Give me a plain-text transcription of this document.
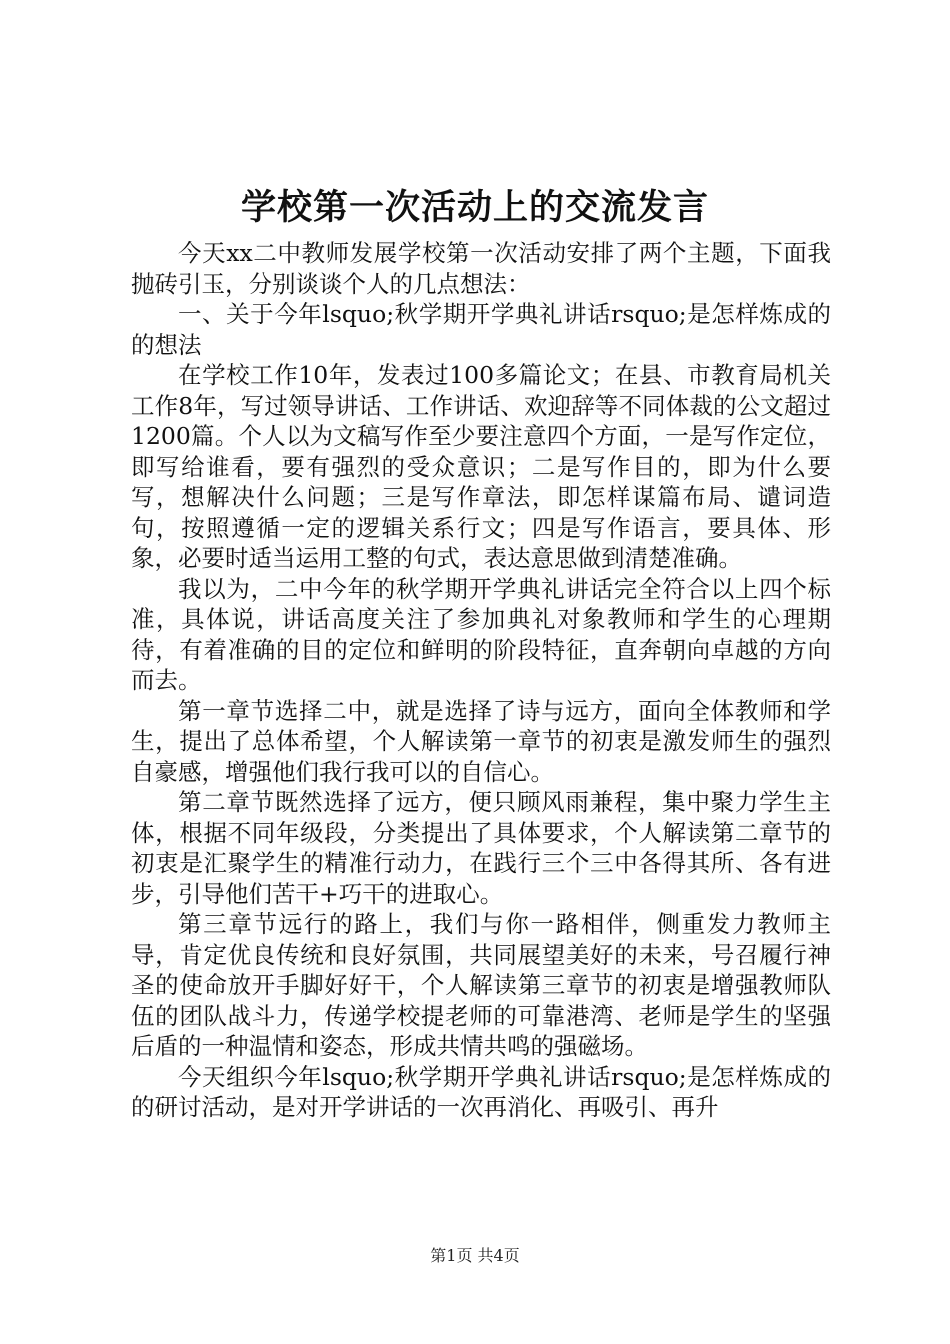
学校第一次活动上的交流发言

今天xx二中教师发展学校第一次活动安排了两个主题，下面我抛砖引玉，分别谈谈个人的几点想法：

一、关于今年lsquo;秋学期开学典礼讲话rsquo;是怎样炼成的的想法

在学校工作10年，发表过100多篇论文；在县、市教育局机关工作8年，写过领导讲话、工作讲话、欢迎辞等不同体裁的公文超过1200篇。个人以为文稿写作至少要注意四个方面，一是写作定位，即写给谁看，要有强烈的受众意识；二是写作目的，即为什么要写，想解决什么问题；三是写作章法，即怎样谋篇布局、谴词造句，按照遵循一定的逻辑关系行文；四是写作语言，要具体、形象，必要时适当运用工整的句式，表达意思做到清楚准确。

我以为，二中今年的秋学期开学典礼讲话完全符合以上四个标准，具体说，讲话高度关注了参加典礼对象教师和学生的心理期待，有着准确的目的定位和鲜明的阶段特征，直奔朝向卓越的方向而去。

第一章节选择二中，就是选择了诗与远方，面向全体教师和学生，提出了总体希望，个人解读第一章节的初衷是激发师生的强烈自豪感，增强他们我行我可以的自信心。

第二章节既然选择了远方，便只顾风雨兼程，集中聚力学生主体，根据不同年级段，分类提出了具体要求，个人解读第二章节的初衷是汇聚学生的精准行动力，在践行三个三中各得其所、各有进步，引导他们苦干+巧干的进取心。

第三章节远行的路上，我们与你一路相伴，侧重发力教师主导，肯定优良传统和良好氛围，共同展望美好的未来，号召履行神圣的使命放开手脚好好干，个人解读第三章节的初衷是增强教师队伍的团队战斗力，传递学校提老师的可靠港湾、老师是学生的坚强后盾的一种温情和姿态，形成共情共鸣的强磁场。

今天组织今年lsquo;秋学期开学典礼讲话rsquo;是怎样炼成的的研讨活动，是对开学讲话的一次再消化、再吸引、再升

第1页 共4页
